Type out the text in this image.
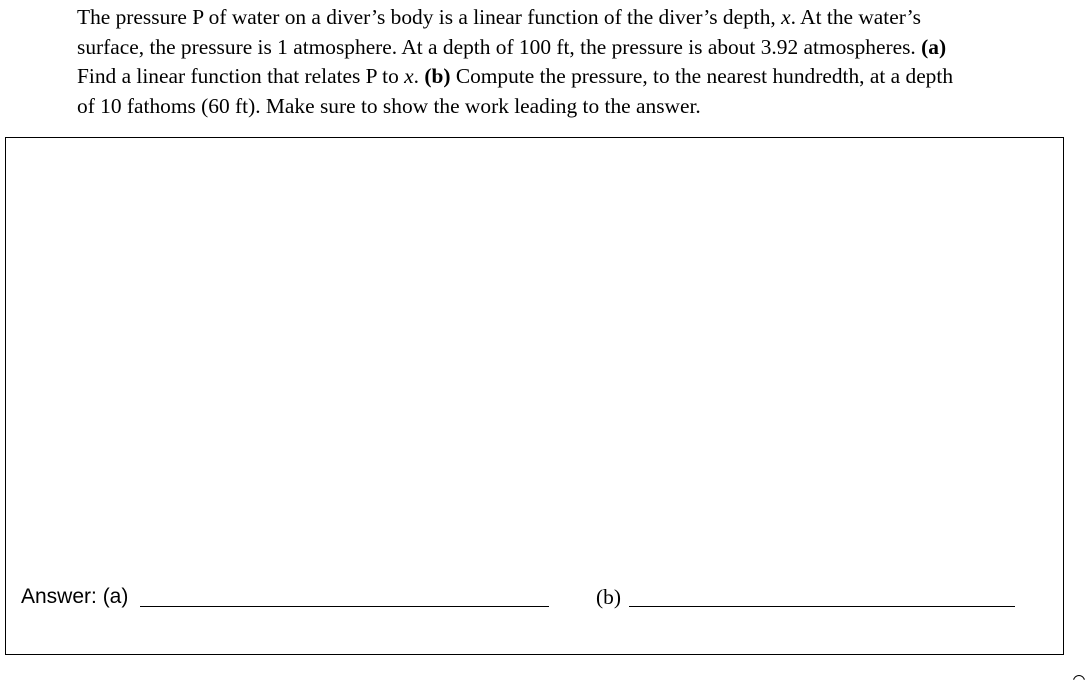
The pressure P of water on a diver’s body is a linear function of the diver’s depth, x. At the water’s
surface, the pressure is 1 atmosphere. At a depth of 100 ft, the pressure is about 3.92 atmospheres. (a)
Find a linear function that relates P to x. (b) Compute the pressure, to the nearest hundredth, at a depth
of 10 fathoms (60 ft). Make sure to show the work leading to the answer.
Answer: (a)	(b)
